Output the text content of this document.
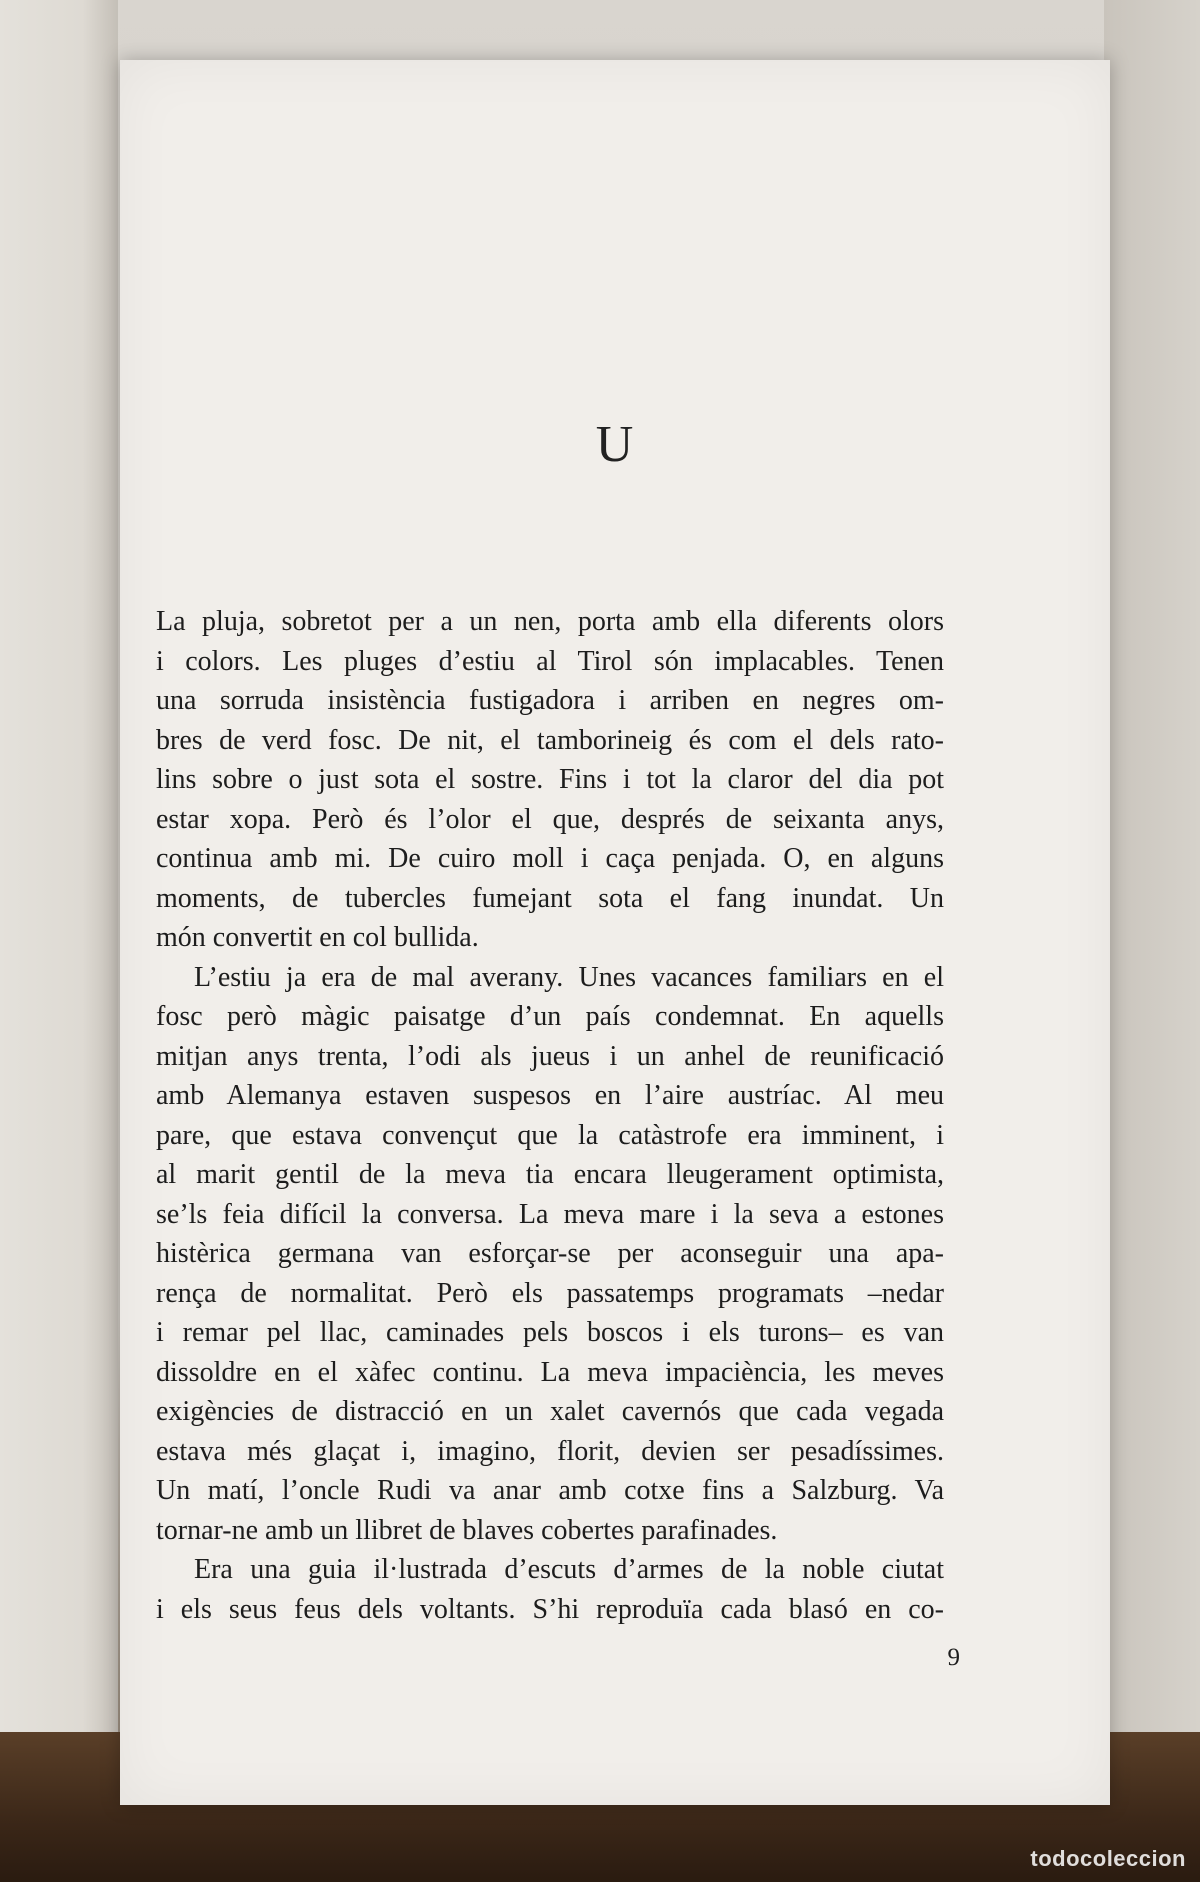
U

La pluja, sobretot per a un nen, porta amb ella diferents olors
i colors. Les pluges d’estiu al Tirol són implacables. Tenen
una sorruda insistència fustigadora i arriben en negres om-
bres de verd fosc. De nit, el tamborineig és com el dels rato-
lins sobre o just sota el sostre. Fins i tot la claror del dia pot
estar xopa. Però és l’olor el que, després de seixanta anys,
continua amb mi. De cuiro moll i caça penjada. O, en alguns
moments, de tubercles fumejant sota el fang inundat. Un
món convertit en col bullida.

L’estiu ja era de mal averany. Unes vacances familiars en el
fosc però màgic paisatge d’un país condemnat. En aquells
mitjan anys trenta, l’odi als jueus i un anhel de reunificació
amb Alemanya estaven suspesos en l’aire austríac. Al meu
pare, que estava convençut que la catàstrofe era imminent, i
al marit gentil de la meva tia encara lleugerament optimista,
se’ls feia difícil la conversa. La meva mare i la seva a estones
histèrica germana van esforçar-se per aconseguir una apa-
rença de normalitat. Però els passatemps programats –nedar
i remar pel llac, caminades pels boscos i els turons– es van
dissoldre en el xàfec continu. La meva impaciència, les meves
exigències de distracció en un xalet cavernós que cada vegada
estava més glaçat i, imagino, florit, devien ser pesadíssimes.
Un matí, l’oncle Rudi va anar amb cotxe fins a Salzburg. Va
tornar-ne amb un llibret de blaves cobertes parafinades.

Era una guia il·lustrada d’escuts d’armes de la noble ciutat
i els seus feus dels voltants. S’hi reproduïa cada blasó en co-

9
todocoleccion
